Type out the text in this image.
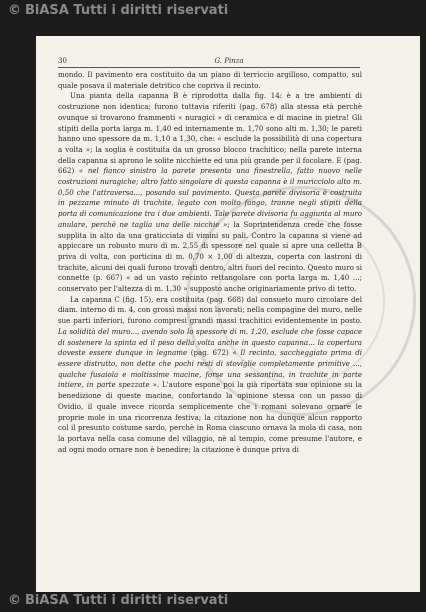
© BiASA Tutti i diritti riservati
30	G. Pinza

mondo. Il pavimento era costituito da un piano di terriccio argilloso, compatto, sul quale posava il materiale detritico che copriva il recinto.

Una pianta della capanna B è riprodotta dalla fig. 14: è a tre ambienti di costruzione non identica; furono tuttavia riferiti (pag. 678) alla stessa età perchè ovunque si trovarono frammenti « nuragici » di ceramica e di macine in pietra! Gli stipiti della porta larga m. 1,40 ed internamente m. 1,70 sono alti m. 1,30; le pareti hanno uno spessore da m. 1,10 a 1,30, che: « esclude la possibilità di una copertura a volta »; la soglia è costituita da un grosso blocco trachitico; nella parete interna della capanna si aprono le solite nicchiette ed una più grande per il focolare. E (pag. 662) « nel fianco sinistro la parete presenta una finestrella, fatto nuovo nelle costruzioni nuragiche; altro fatto singolare di questa capanna è il muricciolo alto m. 0,50 che l'attraversa..., posando sul pavimento. Questa parete divisoria è costruita in pezzame minuto di trachite, legato con molto fango, tranne negli stipiti della porta di comunicazione tra i due ambienti. Tale parete divisoria fu aggiunta al muro anulare, perchè ne taglia una delle nicchie »; la Soprintendenza crede che fosse supplita in alto da una graticciata di vimini su pali. Contro la capanna si viene ad appiccare un robusto muro di m. 2,55 di spessore nel quale si apre una celletta B priva di volta, con porticina di m. 0,70 × 1,00 di altezza, coperta con lastroni di trachite, alcuni dei quali furono trovati dentro, altri fuori del recinto. Questo muro si connette (p. 667) « ad un vasto recinto rettangolare con porta larga m. 1,40 ...; conservato per l'altezza di m. 1,30 » supposto anche originariamente privo di tetto.

La capanna C (fig. 15), era costituita (pag. 668) dal consueto muro circolare del diam. interno di m. 4, con grossi massi non lavorati; nella compagine del muro, nelle sue parti inferiori, furono compresi grandi massi trachitici evidentemente in posto. La solidità del muro..., avendo solo lo spessore di m. 1,20, esclude che fosse capace di sostenere la spinta ed il peso della volta anche in questo capanna... la copertura doveste essere dunque in legname (pag. 672) « Il recinto, saccheggiato prima di essere distrutto, non dette che pochi resti di stoviglie completamente primitive ..., qualche fusaiola e moltissime macine, forse una sessantina, in trachite in parte intiere, in parte spezzate ». L'autore espone poi la già riportata sua opinione su la benedizione di queste macine, confortando la opinione stessa con un passo di Ovidio, il quale invece ricorda semplicemente che i romani solevano ornare le proprie mole in una ricorrenza festiva; la citazione non ha dunque alcun rapporto col il presunto costume sardo, perchè in Roma ciascuno ornava la mola di casa, non la portava nella casa comune del villaggio, nè al tempio, come presume l'autore, e ad ogni modo ornare non è benedire; la citazione è dunque priva di

© BiASA Tutti i diritti riservati
